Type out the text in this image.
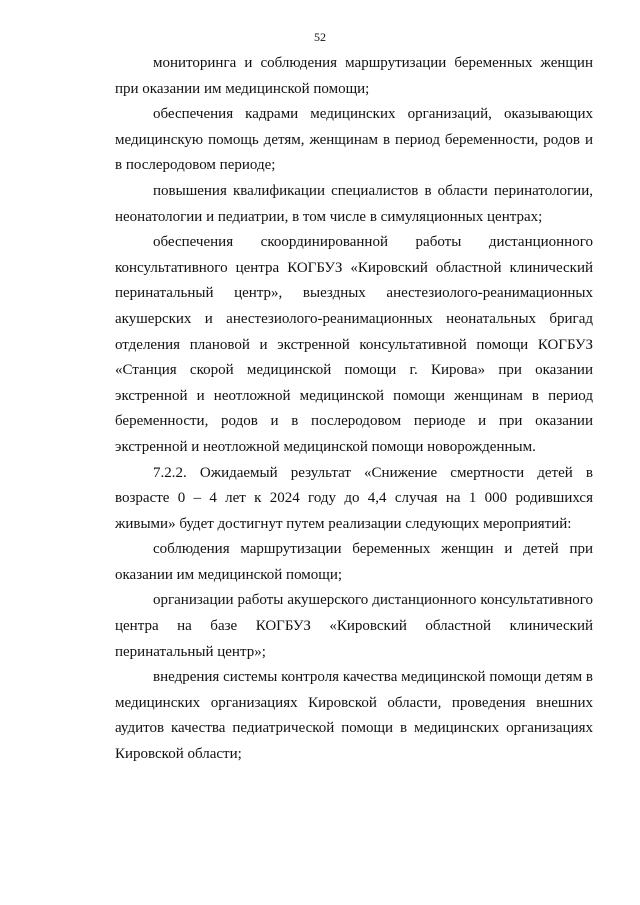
52

мониторинга и соблюдения маршрутизации беременных женщин при оказании им медицинской помощи;

обеспечения кадрами медицинских организаций, оказывающих медицинскую помощь детям, женщинам в период беременности, родов и в послеродовом периоде;

повышения квалификации специалистов в области перинатологии, неонатологии и педиатрии, в том числе в симуляционных центрах;

обеспечения скоординированной работы дистанционного консультативного центра КОГБУЗ «Кировский областной клинический перинатальный центр», выездных анестезиолого-реанимационных акушерских и анестезиолого-реанимационных неонатальных бригад отделения плановой и экстренной консультативной помощи КОГБУЗ «Станция скорой медицинской помощи г. Кирова» при оказании экстренной и неотложной медицинской помощи женщинам в период беременности, родов и в послеродовом периоде и при оказании экстренной и неотложной медицинской помощи новорожденным.

7.2.2. Ожидаемый результат «Снижение смертности детей в возрасте 0 – 4 лет к 2024 году до 4,4 случая на 1 000 родившихся живыми» будет достигнут путем реализации следующих мероприятий:

соблюдения маршрутизации беременных женщин и детей при оказании им медицинской помощи;

организации работы акушерского дистанционного консультативного центра на базе КОГБУЗ «Кировский областной клинический перинатальный центр»;

внедрения системы контроля качества медицинской помощи детям в медицинских организациях Кировской области, проведения внешних аудитов качества педиатрической помощи в медицинских организациях Кировской области;
